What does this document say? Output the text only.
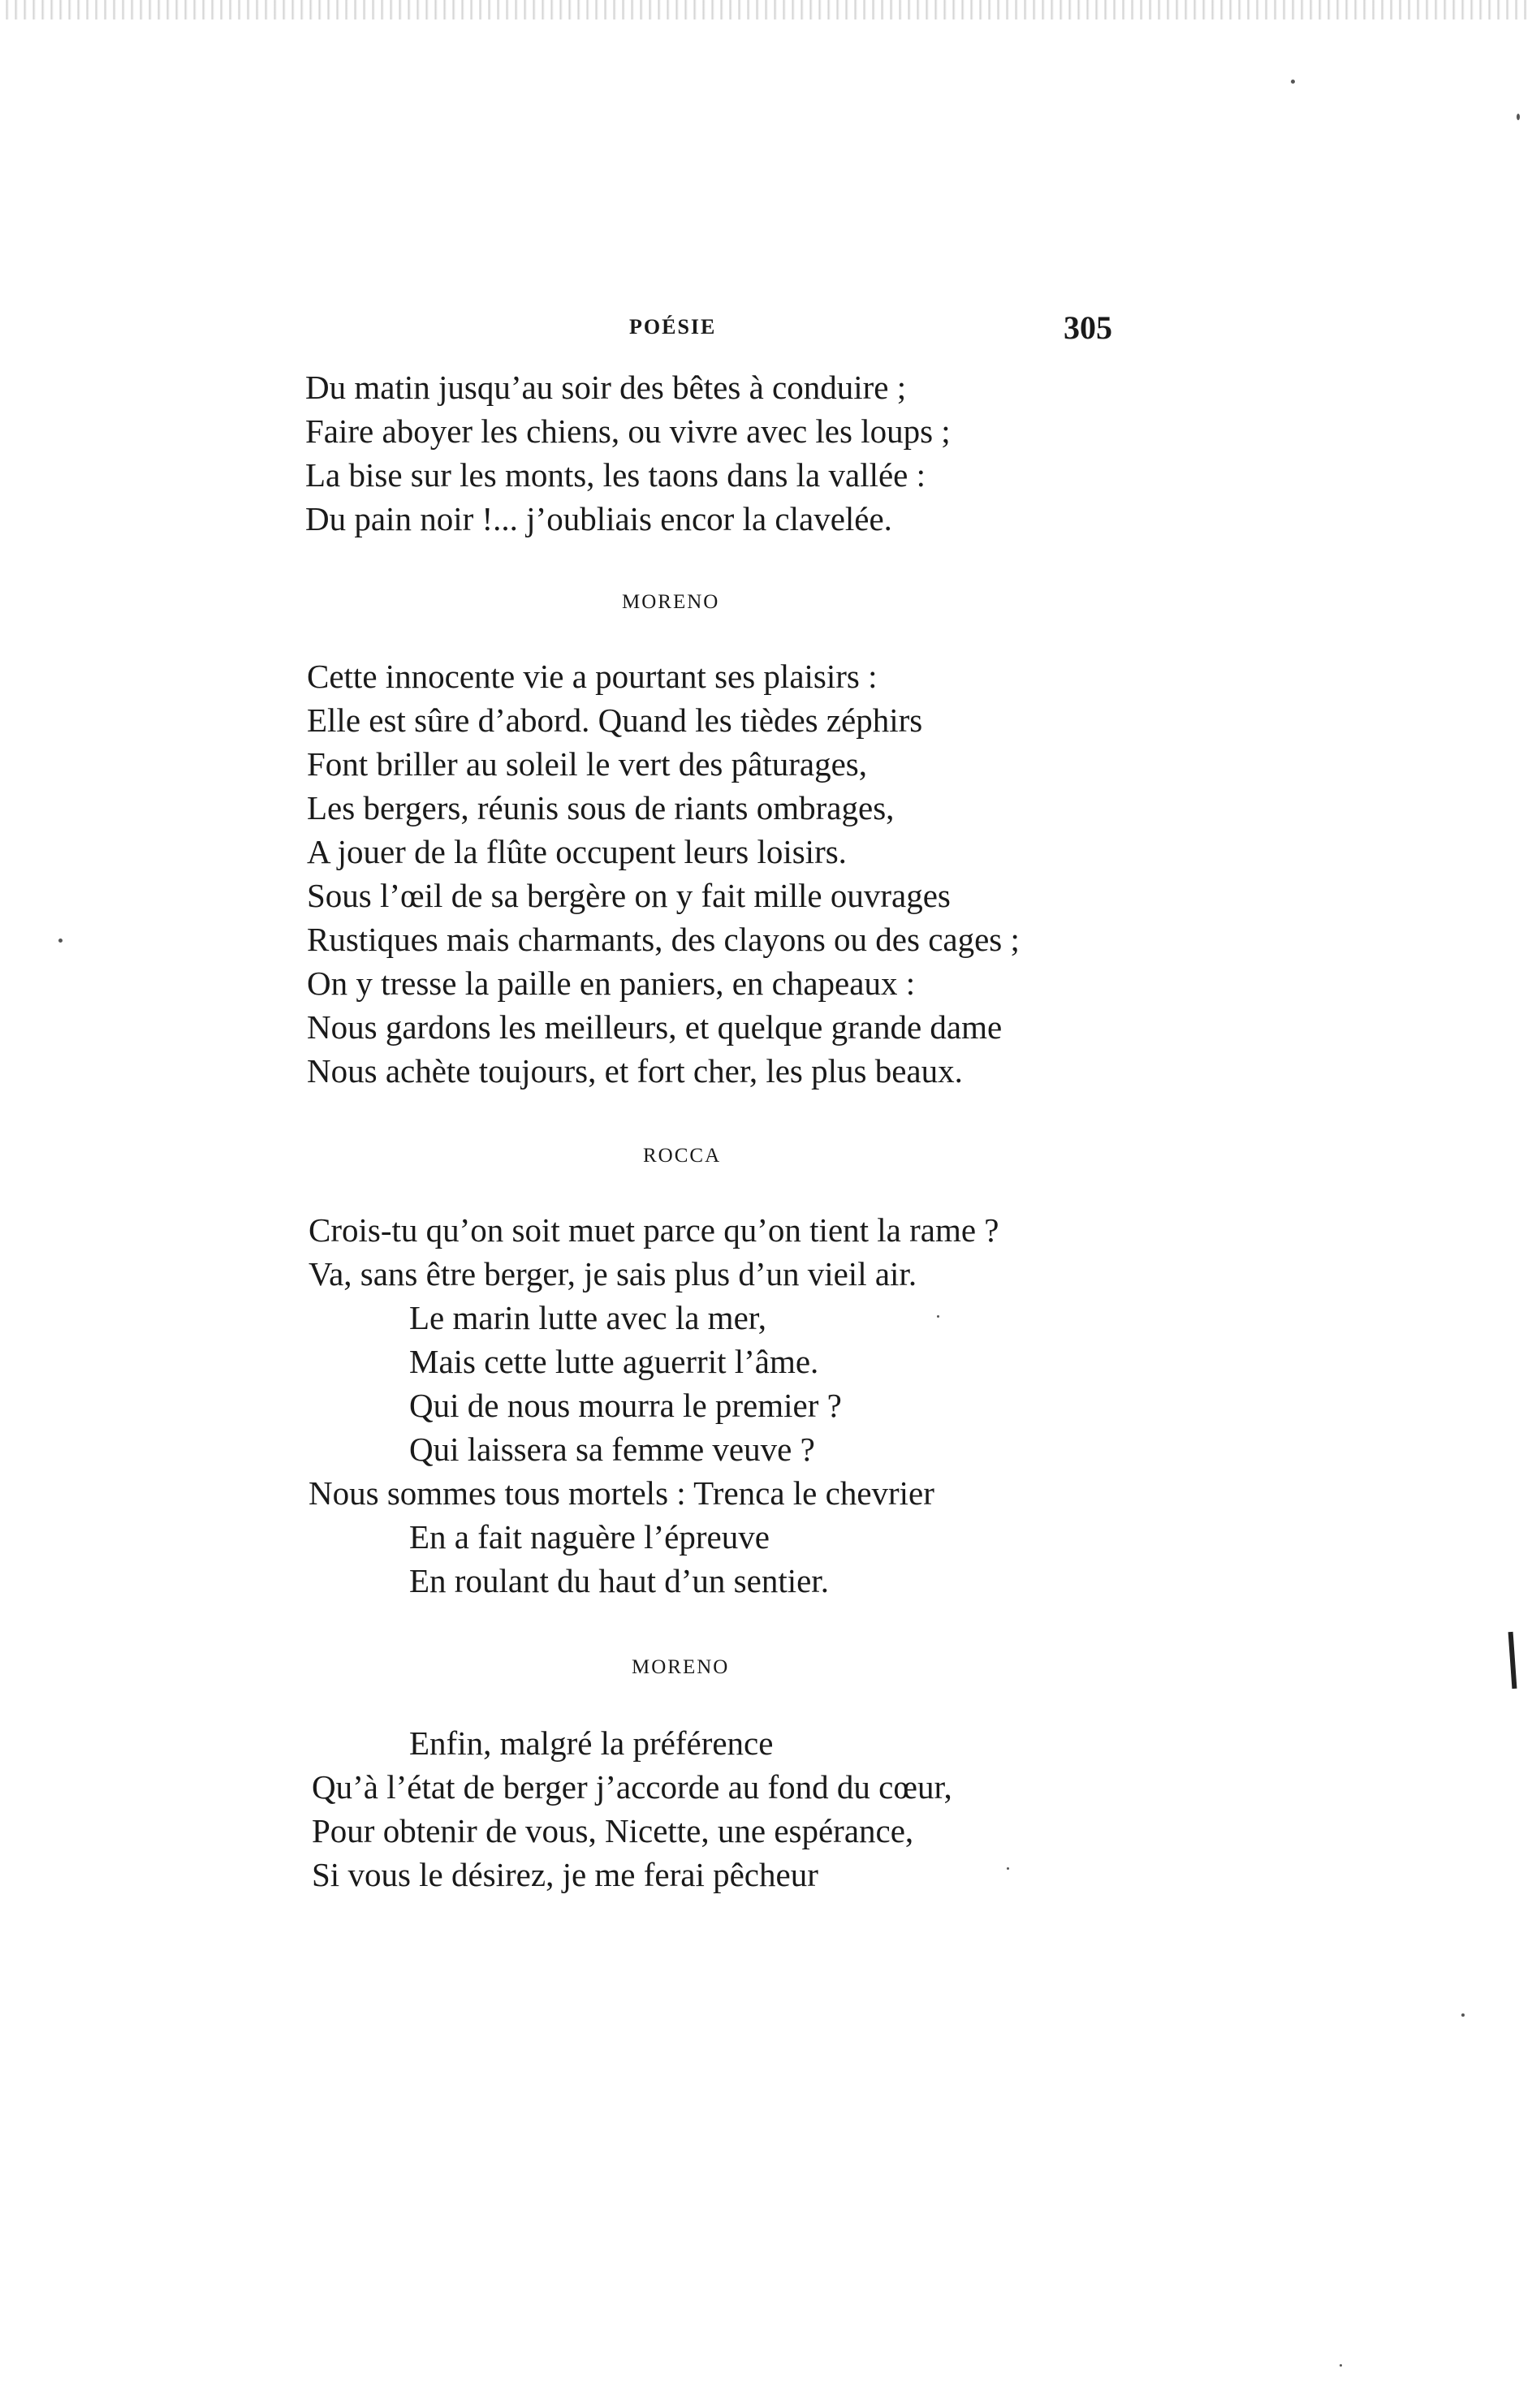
POÉSIE	305
Du matin jusqu’au soir des bêtes à conduire ;
Faire aboyer les chiens, ou vivre avec les loups ;
La bise sur les monts, les taons dans la vallée :
Du pain noir !... j’oubliais encor la clavelée.
MORENO
Cette innocente vie a pourtant ses plaisirs :
Elle est sûre d’abord. Quand les tièdes zéphirs
Font briller au soleil le vert des pâturages,
Les bergers, réunis sous de riants ombrages,
A jouer de la flûte occupent leurs loisirs.
Sous l’œil de sa bergère on y fait mille ouvrages
Rustiques mais charmants, des clayons ou des cages ;
On y tresse la paille en paniers, en chapeaux :
Nous gardons les meilleurs, et quelque grande dame
Nous achète toujours, et fort cher, les plus beaux.
ROCCA
Crois-tu qu’on soit muet parce qu’on tient la rame ?
Va, sans être berger, je sais plus d’un vieil air.
Le marin lutte avec la mer,
Mais cette lutte aguerrit l’âme.
Qui de nous mourra le premier ?
Qui laissera sa femme veuve ?
Nous sommes tous mortels : Trenca le chevrier
En a fait naguère l’épreuve
En roulant du haut d’un sentier.
MORENO
Enfin, malgré la préférence
Qu’à l’état de berger j’accorde au fond du cœur,
Pour obtenir de vous, Nicette, une espérance,
Si vous le désirez, je me ferai pêcheur
